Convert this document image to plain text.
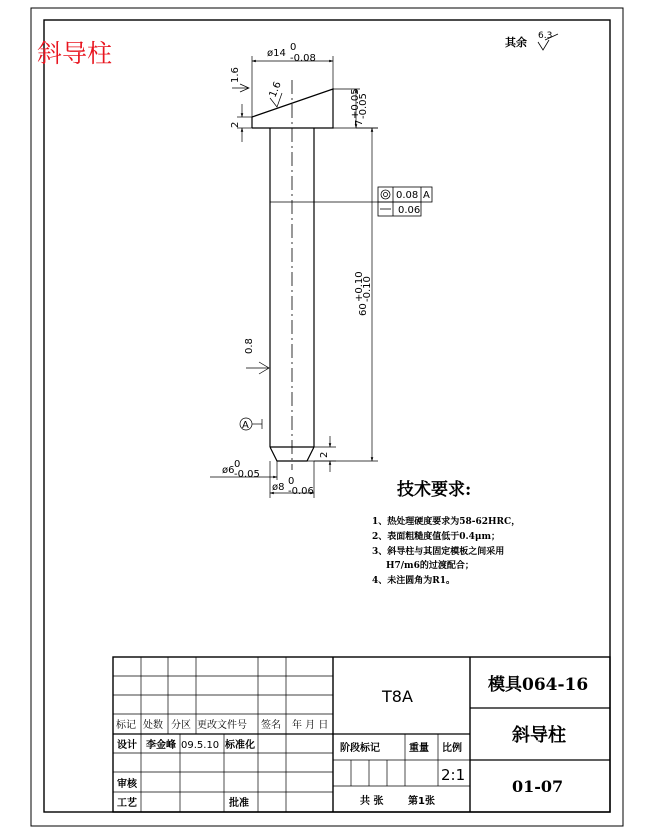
斜导柱	其余 6.3
ø14
0
-0.08
7
+0.05
-0.05
60
+0.10
-0.10
2
1.6
1.6
0.8
A
0.08 A
0.06
2
ø6
0
-0.05
ø8
0
-0.06	技术要求:
1、热处理硬度要求为58-62HRC，
2、表面粗糙度值低于0.4μm；
3、斜导柱与其固定模板之间采用
H7/m6的过渡配合；
4、未注圆角为R1。
标记 处数 分区 更改文件号 签名 年 月 日
设计 李金峰 09.5.10 标准化
审核
工艺	批准
T8A
阶段标记	重量 比例
2:1
共 张 第1张
模具064-16
斜导柱
01-07
